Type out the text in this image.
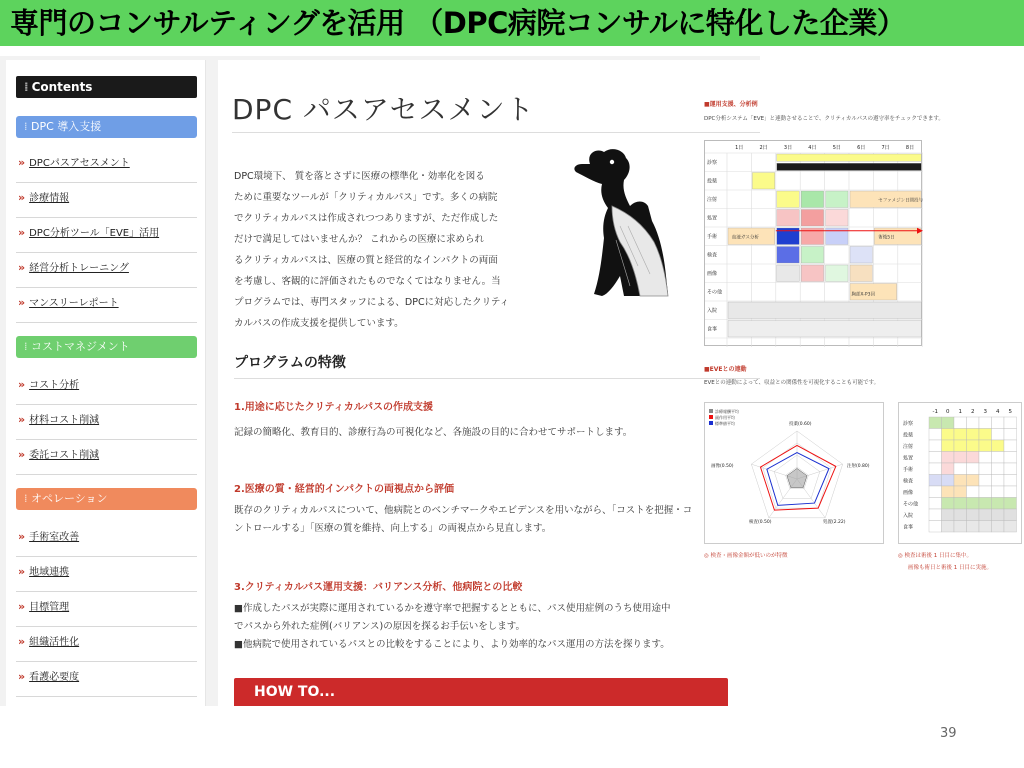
専門のコンサルティングを活用 （DPC病院コンサルに特化した企業）
⁞ Contents
⁞ DPC 導入支援
» DPCパスアセスメント
» 診療情報
» DPC分析ツール「EVE」活用
» 経営分析トレーニング
» マンスリーレポート
⁞ コストマネジメント
» コスト分析
» 材料コスト削減
» 委託コスト削減
⁞ オペレーション
» 手術室改善
» 地域連携
» 目標管理
» 組織活性化
» 看護必要度
DPC パスアセスメント
DPC環境下、 質を落とさずに医療の標準化・効率化を図る
ために重要なツールが「クリティカルパス」です。多くの病院
でクリティカルパスは作成されつつありますが、ただ作成した
だけで満足してはいませんか？ これからの医療に求められ
るクリティカルパスは、医療の質と経営的なインパクトの両面
を考慮し、客観的に評価されたものでなくてはなりません。当
プログラムでは、専門スタッフによる、DPCに対応したクリティ
カルパスの作成支援を提供しています。
プログラムの特徴
1.用途に応じたクリティカルパスの作成支援
記録の簡略化、教育目的、診療行為の可視化など、各施設の目的に合わせてサポートします。
2.医療の質・経営的インパクトの両視点から評価
既存のクリティカルパスについて、他病院とのベンチマークやエビデンスを用いながら、「コストを把握・コ
ントロールする」「医療の質を維持、向上する」の両視点から見直します。
3.クリティカルパス運用支援：バリアンス分析、他病院との比較
■作成したパスが実際に運用されているかを遵守率で把握するとともに、パス使用症例のうち使用途中
でパスから外れた症例(バリアンス)の原因を探るお手伝いをします。
■他病院で使用されているパスとの比較をすることにより、より効率的なパス運用の方法を探ります。
HOW TO...
■運用支援、分析例
DPC分析システム「EVE」と連動させることで、クリティカルパスの遵守率をチェックできます。
1日	2日	3日	4日	5日	6日	7日	8日
診察
投薬
注射
処置
手術
検査
画像
その他
入院
食事
セファメジン日間投与
血液ガス分析	術後5日
胸部X-P3回
■EVEとの連動
EVEとの連動によって、収益との関係性を可視化することも可能です。
投薬(0.60)
注射(0.80)
処置(2.22)
検査(0.50)
画像(0.50)
診療報酬平均
副作用平均
標準値平均
-1 0 1 2 3 4 5
診察
投薬
注射
処置
手術
検査
画像
その他
入院
食事
◎ 検査・画像金額が低いのが特徴	◎ 検査は術後 1 日目に集中。
画像も術日と術後 1 日目に実施。
39
